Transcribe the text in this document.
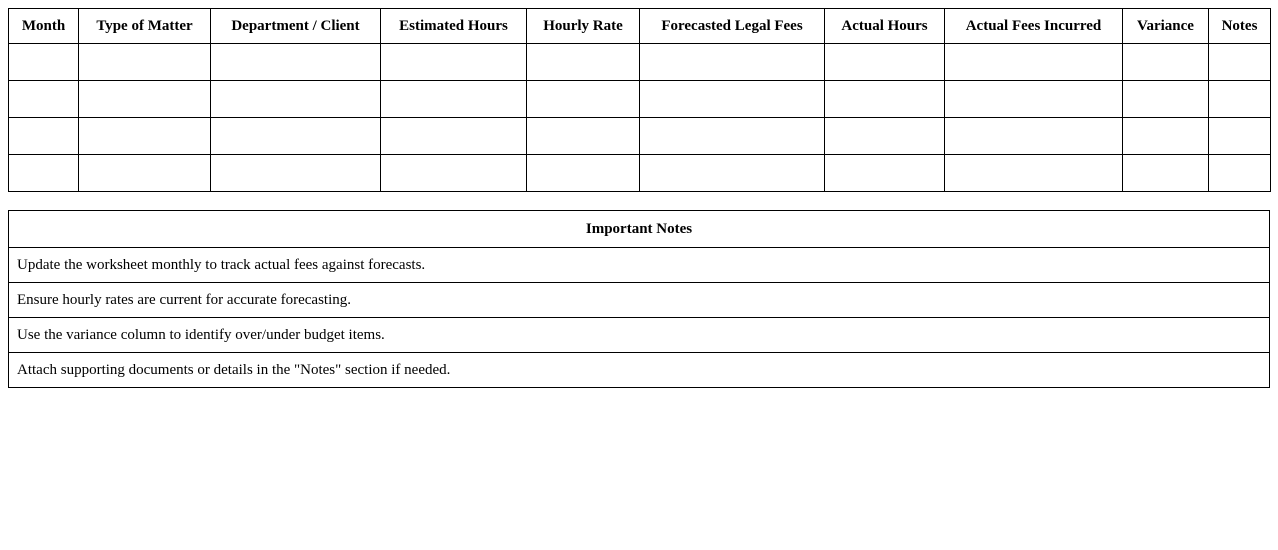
Month	Type of Matter	Department / Client	Estimated Hours	Hourly Rate	Forecasted Legal Fees	Actual Hours	Actual Fees Incurred	Variance	Notes

Important Notes
Update the worksheet monthly to track actual fees against forecasts.
Ensure hourly rates are current for accurate forecasting.
Use the variance column to identify over/under budget items.
Attach supporting documents or details in the "Notes" section if needed.
